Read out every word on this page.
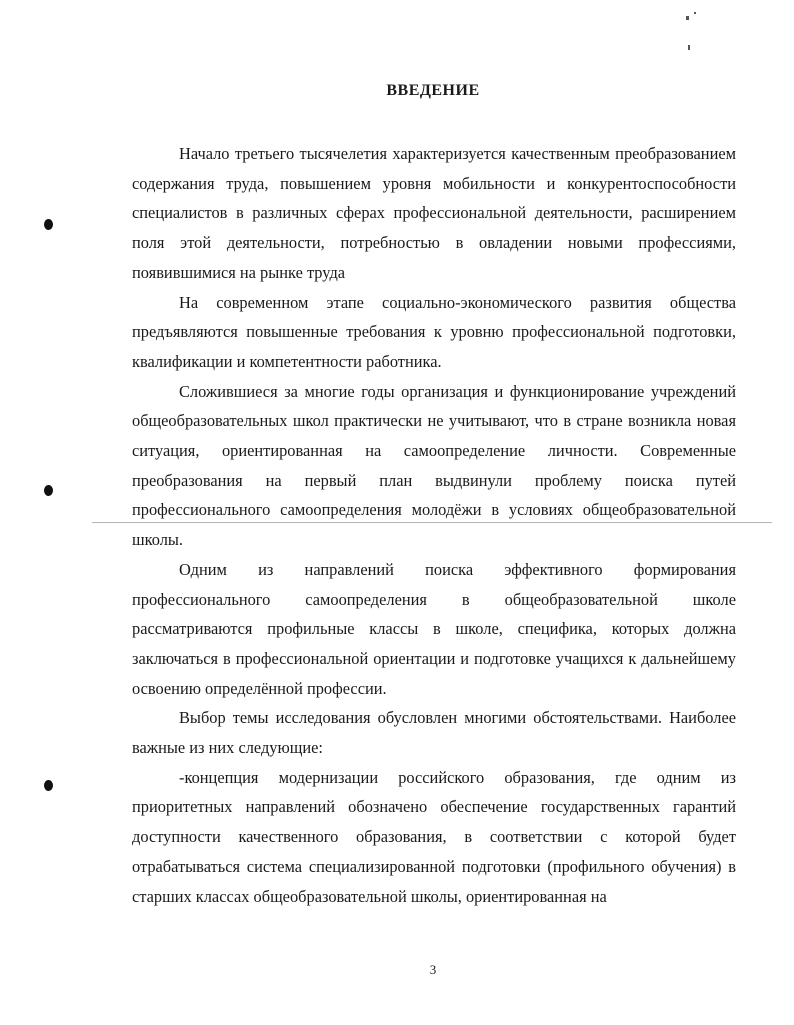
ВВЕДЕНИЕ

Начало третьего тысячелетия характеризуется качественным преобразованием содержания труда, повышением уровня мобильности и конкурентоспособности специалистов в различных сферах профессиональной деятельности, расширением поля этой деятельности, потребностью в овладении новыми профессиями, появившимися на рынке труда

На современном этапе социально-экономического развития общества предъявляются повышенные требования к уровню профессиональной подготовки, квалификации и компетентности работника.

Сложившиеся за многие годы организация и функционирование учреждений общеобразовательных школ практически не учитывают, что в стране возникла новая ситуация, ориентированная на самоопределение личности. Современные преобразования на первый план выдвинули проблему поиска путей профессионального самоопределения молодёжи в условиях общеобразовательной школы.

Одним из направлений поиска эффективного формирования профессионального самоопределения в общеобразовательной школе рассматриваются профильные классы в школе, специфика, которых должна заключаться в профессиональной ориентации и подготовке учащихся к дальнейшему освоению определённой профессии.

Выбор темы исследования обусловлен многими обстоятельствами. Наиболее важные из них следующие:

-концепция модернизации российского образования, где одним из приоритетных направлений обозначено обеспечение государственных гарантий доступности качественного образования, в соответствии с которой будет отрабатываться система специализированной подготовки (профильного обучения) в старших классах общеобразовательной школы, ориентированная на

3
